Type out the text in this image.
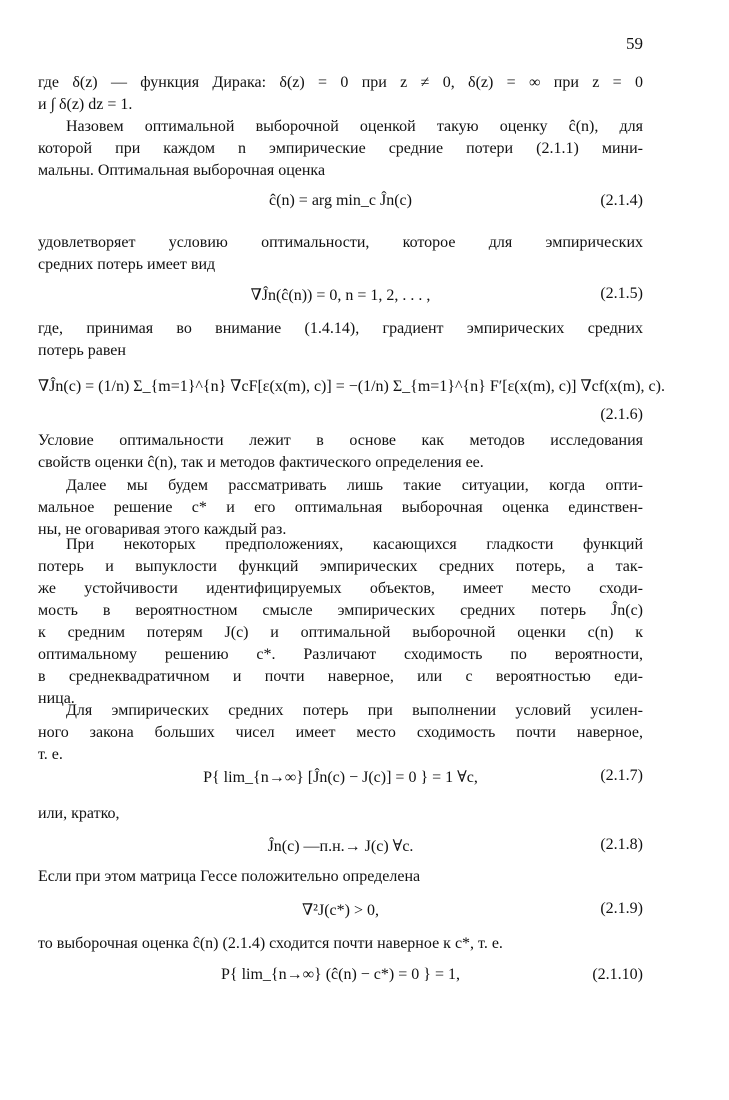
59
где δ(z) — функция Дирака: δ(z) = 0 при z ≠ 0, δ(z) = ∞ при z = 0
и ∫ δ(z) dz = 1.
Назовем оптимальной выборочной оценкой такую оценку ĉ(n), для
которой при каждом n эмпирические средние потери (2.1.1) мини-
мальны. Оптимальная выборочная оценка
ĉ(n) = arg min_c Ĵn(c)	(2.1.4)
удовлетворяет условию оптимальности, которое для эмпирических
средних потерь имеет вид
∇Ĵn(ĉ(n)) = 0, n = 1, 2, . . . ,	(2.1.5)
где, принимая во внимание (1.4.14), градиент эмпирических средних
потерь равен
∇Ĵn(c) = (1/n) Σ_{m=1}^{n} ∇cF[ε(x(m), c)] = −(1/n) Σ_{m=1}^{n} F′[ε(x(m), c)] ∇cf(x(m), c).
(2.1.6)
Условие оптимальности лежит в основе как методов исследования
свойств оценки ĉ(n), так и методов фактического определения ее.
Далее мы будем рассматривать лишь такие ситуации, когда опти-
мальное решение c* и его оптимальная выборочная оценка единствен-
ны, не оговаривая этого каждый раз.
При некоторых предположениях, касающихся гладкости функций
потерь и выпуклости функций эмпирических средних потерь, а так-
же устойчивости идентифицируемых объектов, имеет место сходи-
мость в вероятностном смысле эмпирических средних потерь Ĵn(c)
к средним потерям J(c) и оптимальной выборочной оценки c(n) к
оптимальному решению c*. Различают сходимость по вероятности,
в среднеквадратичном и почти наверное, или с вероятностью еди-
ница.
Для эмпирических средних потерь при выполнении условий усилен-
ного закона больших чисел имеет место сходимость почти наверное,
т. е.
P{ lim_{n→∞} [Ĵn(c) − J(c)] = 0 } = 1 ∀c,	(2.1.7)
или, кратко,
Ĵn(c) —п.н.→ J(c) ∀c.	(2.1.8)
Если при этом матрица Гессе положительно определена
∇²J(c*) > 0,	(2.1.9)
то выборочная оценка ĉ(n) (2.1.4) сходится почти наверное к c*, т. е.
P{ lim_{n→∞} (ĉ(n) − c*) = 0 } = 1,	(2.1.10)
